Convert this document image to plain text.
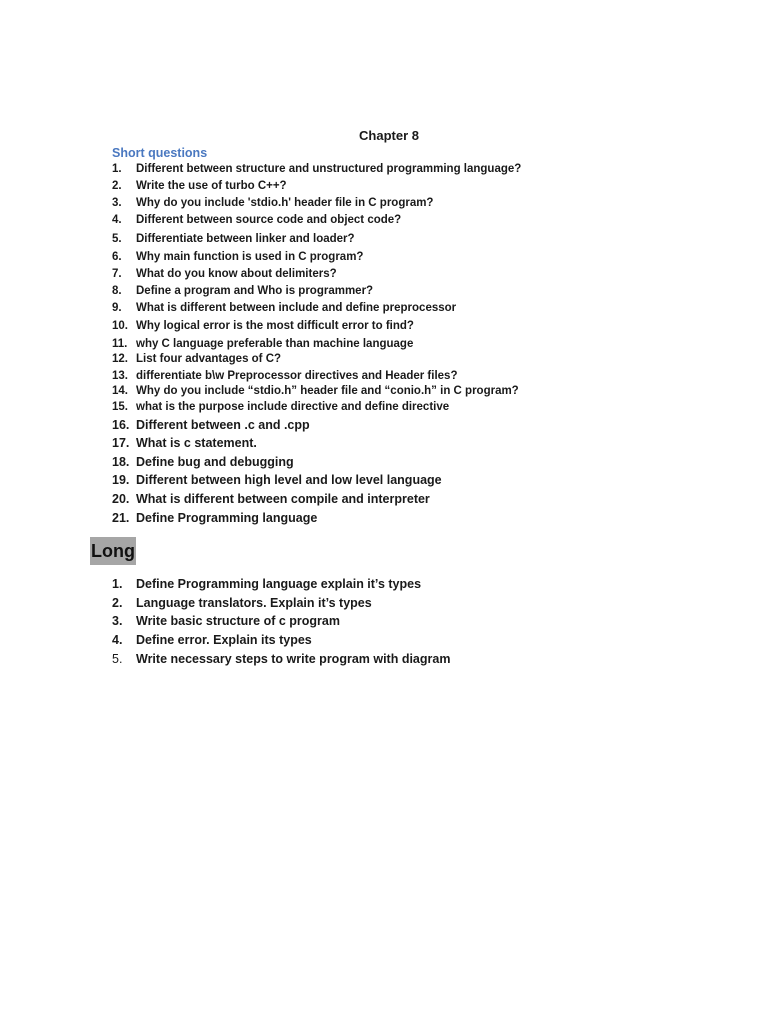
Chapter 8
Short questions
1. Different between structure and unstructured programming language?
2. Write the use of turbo C++?
3. Why do you include 'stdio.h' header file in C program?
4. Different between source code and object code?
5. Differentiate between linker and loader?
6. Why main function is used in C program?
7. What do you know about delimiters?
8. Define a program and Who is programmer?
9. What is different between include and define preprocessor
10. Why logical error is the most difficult error to find?
11. why C language preferable than machine language
12. List four advantages of C?
13. differentiate b\w Preprocessor directives and Header files?
14. Why do you include “stdio.h” header file and “conio.h” in C program?
15. what is the purpose include directive and define directive
16. Different between .c and .cpp
17. What is c statement.
18. Define bug and debugging
19. Different between high level and low level language
20. What is different between compile and interpreter
21. Define Programming language
Long
1. Define Programming language explain it’s types
2. Language translators. Explain it’s types
3. Write basic structure of c program
4. Define error. Explain its types
5. Write necessary steps to write program with diagram
